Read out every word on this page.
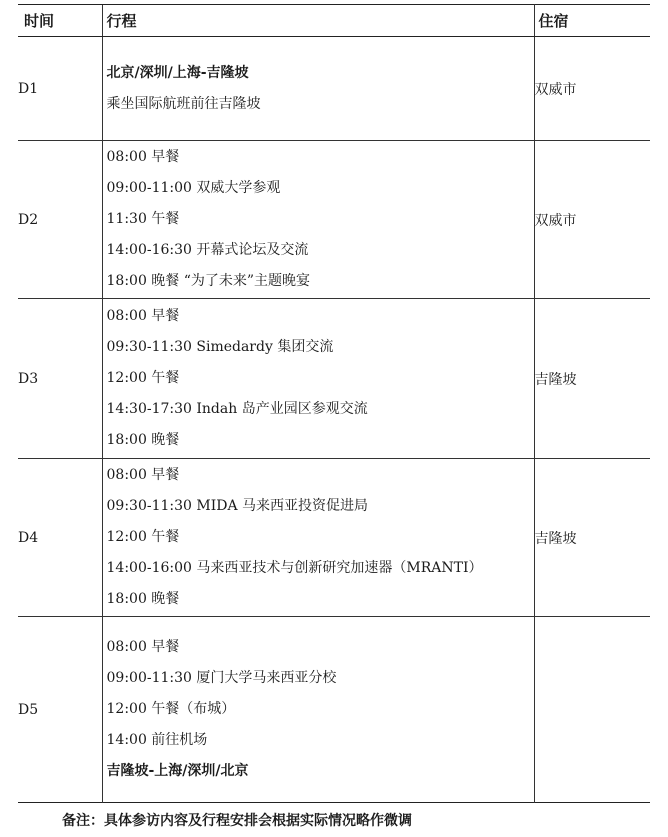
时间	行程	住宿
D1	北京/深圳/上海-吉隆坡
乘坐国际航班前往吉隆坡	双威市
D2	08:00 早餐
09:00-11:00 双威大学参观
11:30 午餐
14:00-16:30 开幕式论坛及交流
18:00 晚餐 “为了未来”主题晚宴	双威市
D3	08:00 早餐
09:30-11:30 Simedardy 集团交流
12:00 午餐
14:30-17:30 Indah 岛产业园区参观交流
18:00 晚餐	吉隆坡
D4	08:00 早餐
09:30-11:30 MIDA 马来西亚投资促进局
12:00 午餐
14:00-16:00 马来西亚技术与创新研究加速器（MRANTI）
18:00 晚餐	吉隆坡
D5	08:00 早餐
09:00-11:30 厦门大学马来西亚分校
12:00 午餐（布城）
14:00 前往机场
吉隆坡-上海/深圳/北京	

备注：具体参访内容及行程安排会根据实际情况略作微调
